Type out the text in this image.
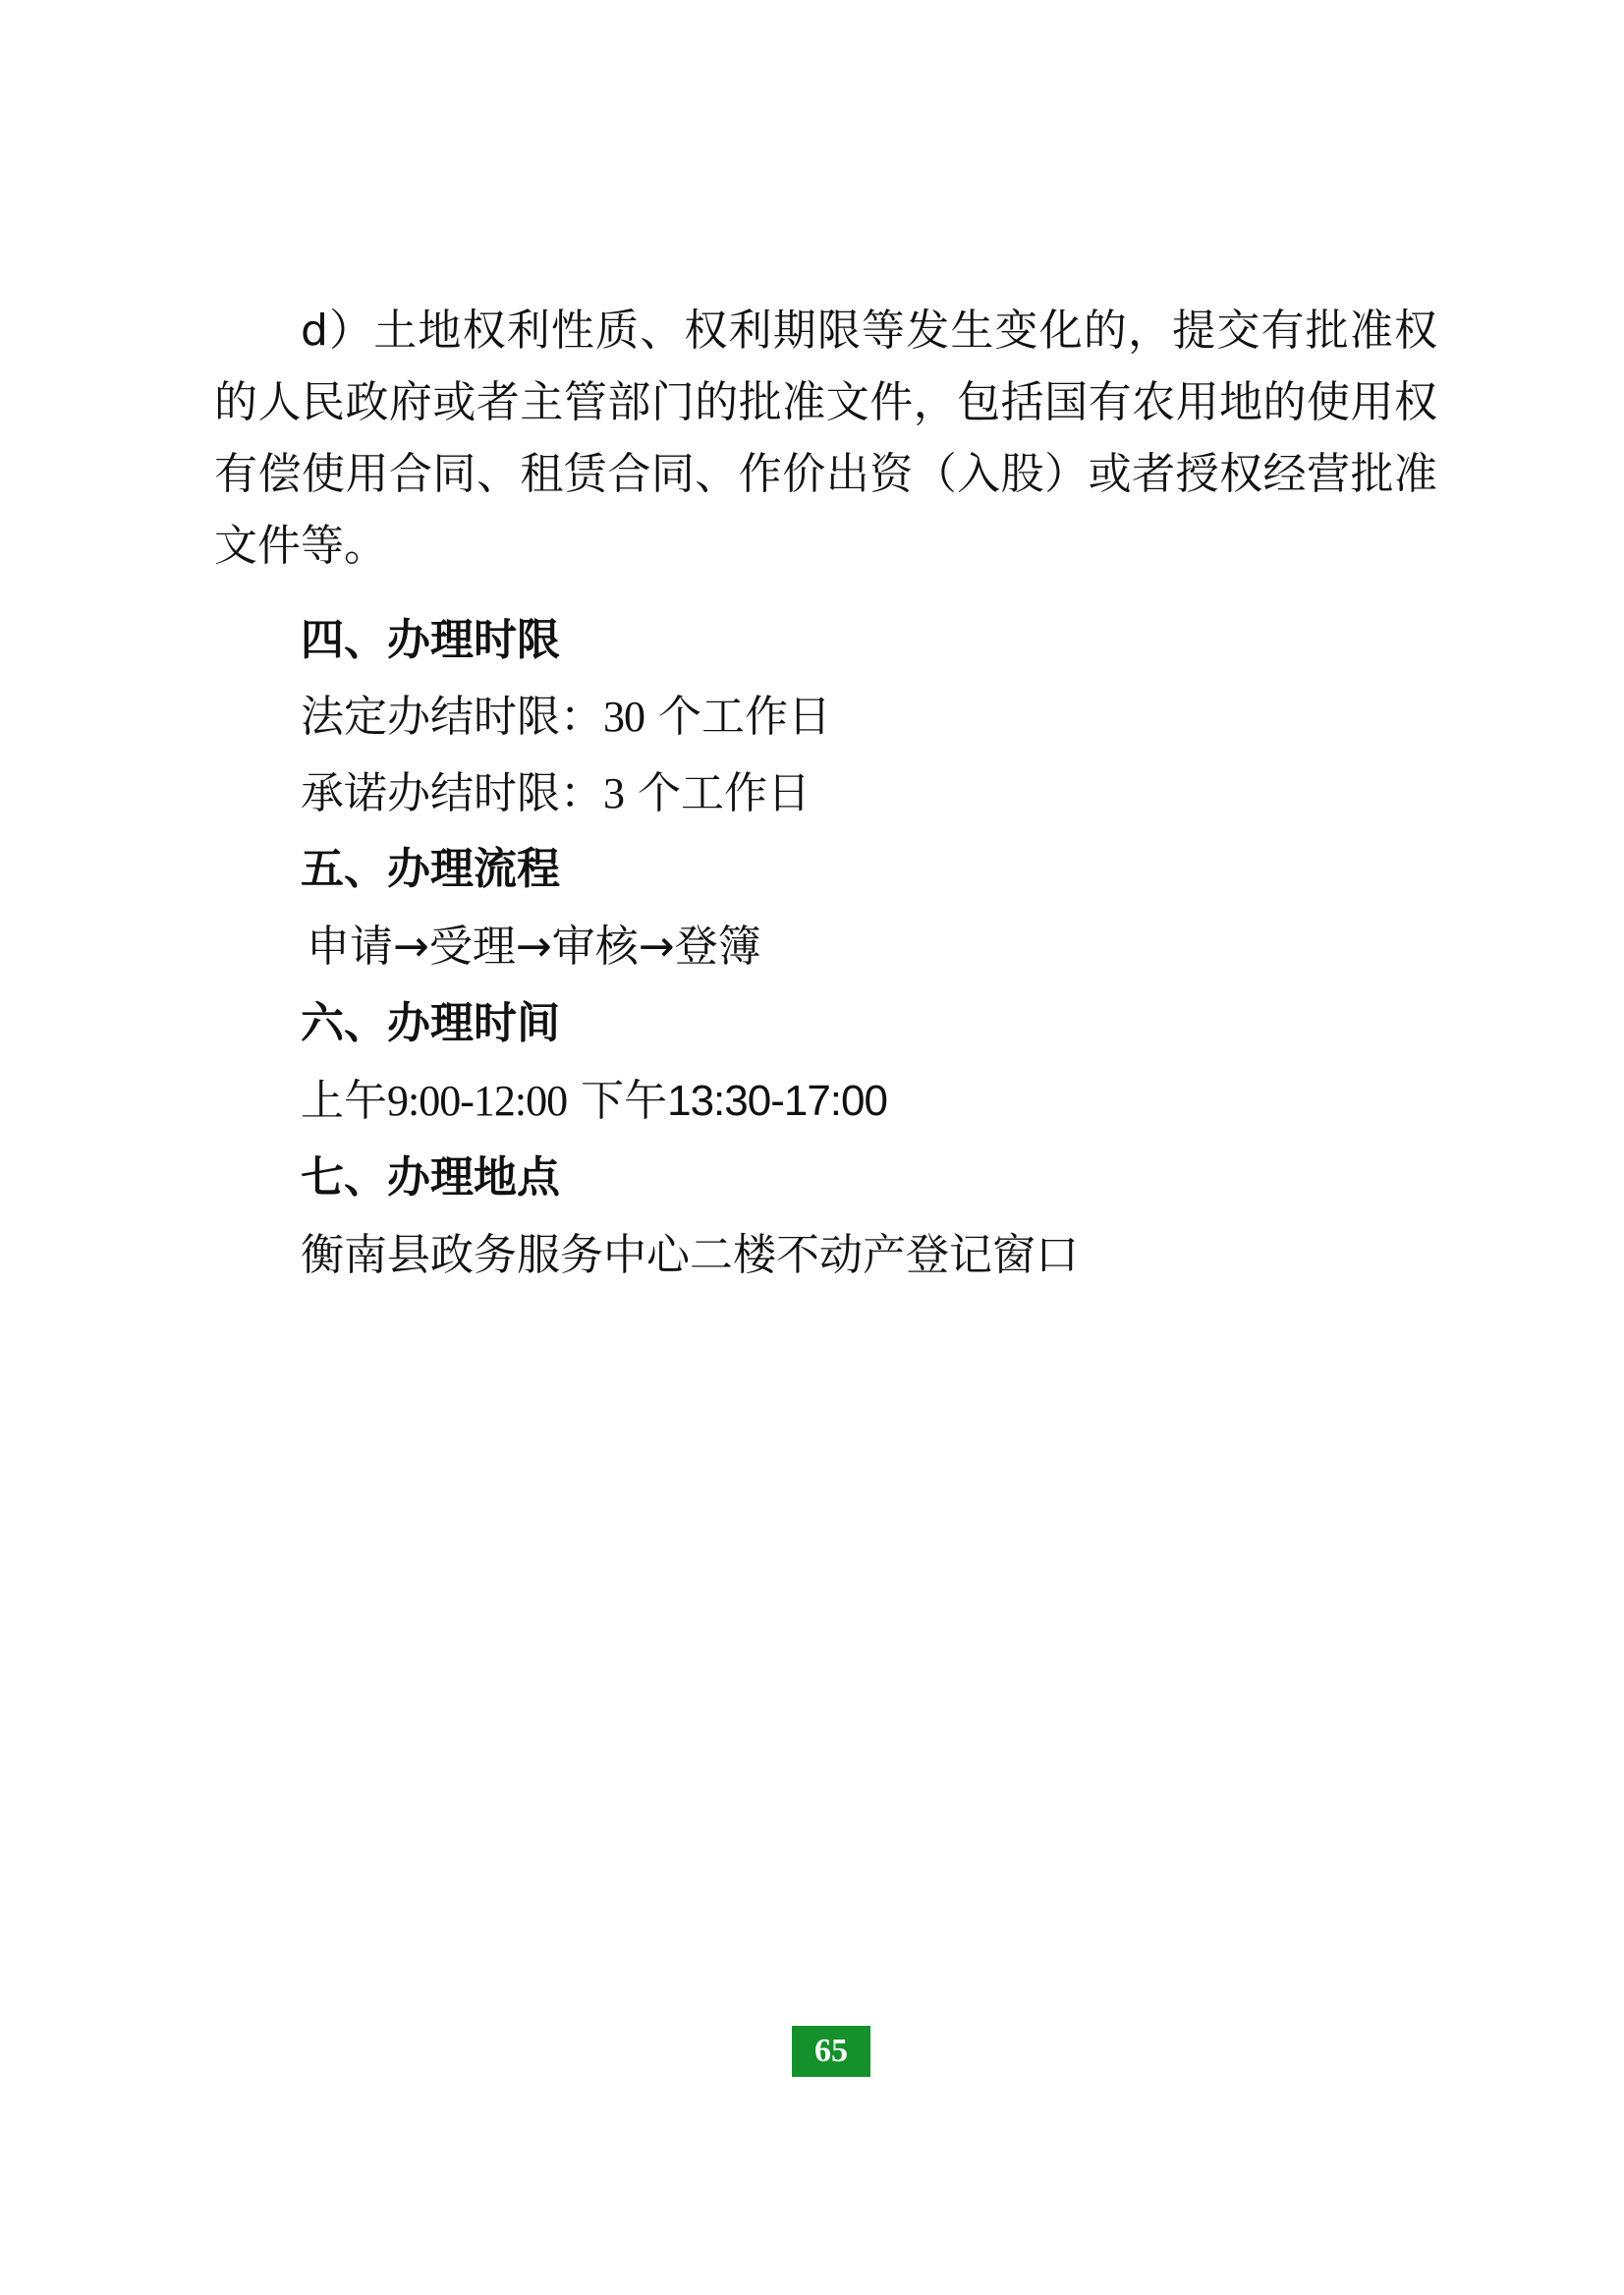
d）土地权利性质、权利期限等发生变化的，提交有批准权的人民政府或者主管部门的批准文件，包括国有农用地的使用权有偿使用合同、租赁合同、作价出资（入股）或者授权经营批准文件等。

四、办理时限
法定办结时限：30 个工作日
承诺办结时限：3 个工作日
五、办理流程
申请→受理→审核→登簿
六、办理时间
上午9:00-12:00 下午13:30-17:00
七、办理地点
衡南县政务服务中心二楼不动产登记窗口
65
